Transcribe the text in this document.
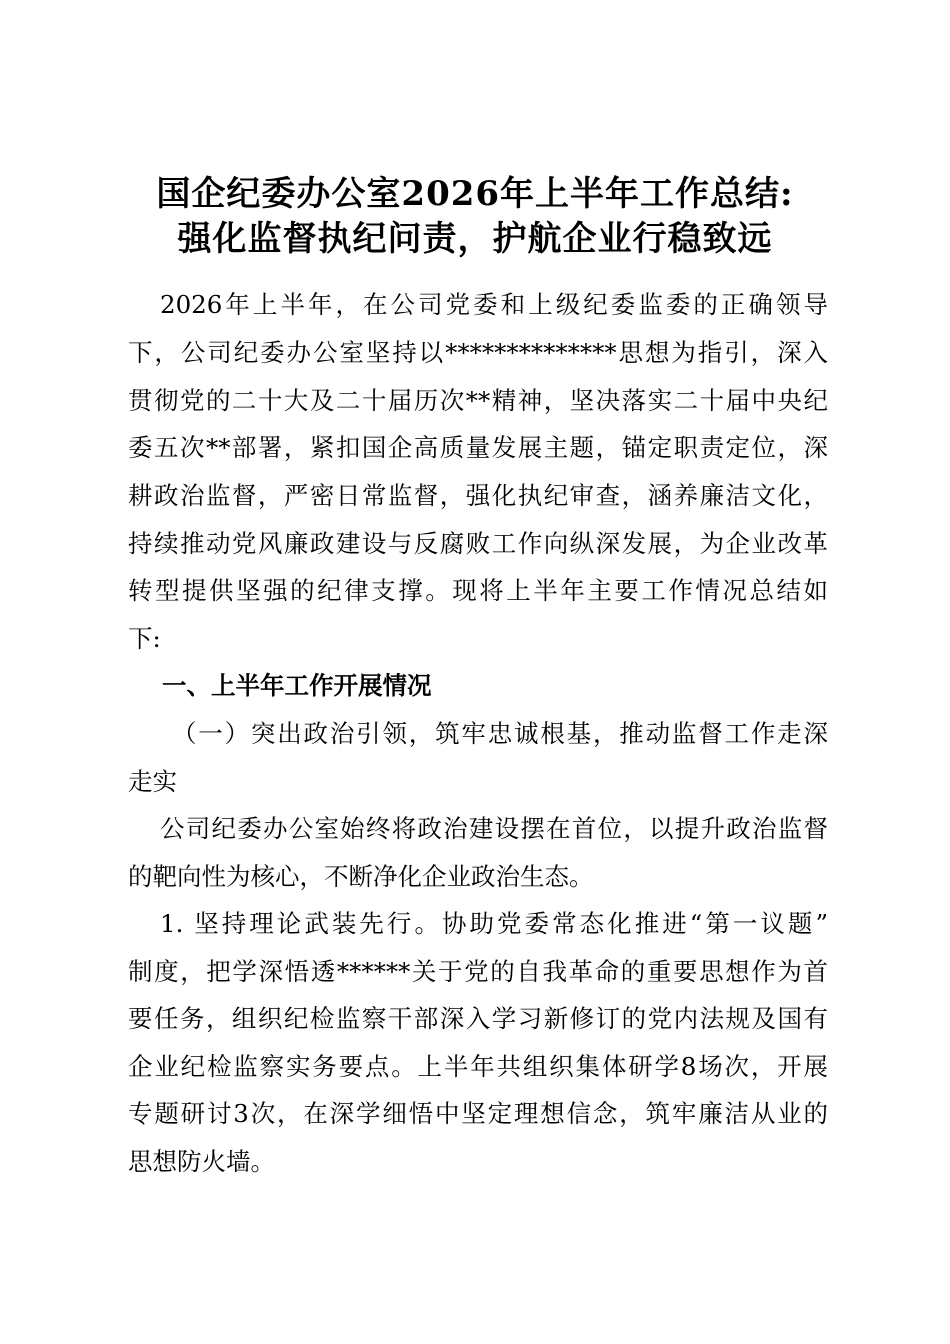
国企纪委办公室2026年上半年工作总结:
强化监督执纪问责，护航企业行稳致远
2026年上半年，在公司党委和上级纪委监委的正确领导
下，公司纪委办公室坚持以**************思想为指引，深入
贯彻党的二十大及二十届历次**精神，坚决落实二十届中央纪
委五次**部署，紧扣国企高质量发展主题，锚定职责定位，深
耕政治监督，严密日常监督，强化执纪审查，涵养廉洁文化，
持续推动党风廉政建设与反腐败工作向纵深发展，为企业改革
转型提供坚强的纪律支撑。现将上半年主要工作情况总结如
下:
一、上半年工作开展情况
（一）突出政治引领，筑牢忠诚根基，推动监督工作走深
走实
公司纪委办公室始终将政治建设摆在首位，以提升政治监督
的靶向性为核心，不断净化企业政治生态。
1. 坚持理论武装先行。协助党委常态化推进“第一议题”
制度，把学深悟透******关于党的自我革命的重要思想作为首
要任务，组织纪检监察干部深入学习新修订的党内法规及国有
企业纪检监察实务要点。上半年共组织集体研学8场次，开展
专题研讨3次，在深学细悟中坚定理想信念，筑牢廉洁从业的
思想防火墙。
